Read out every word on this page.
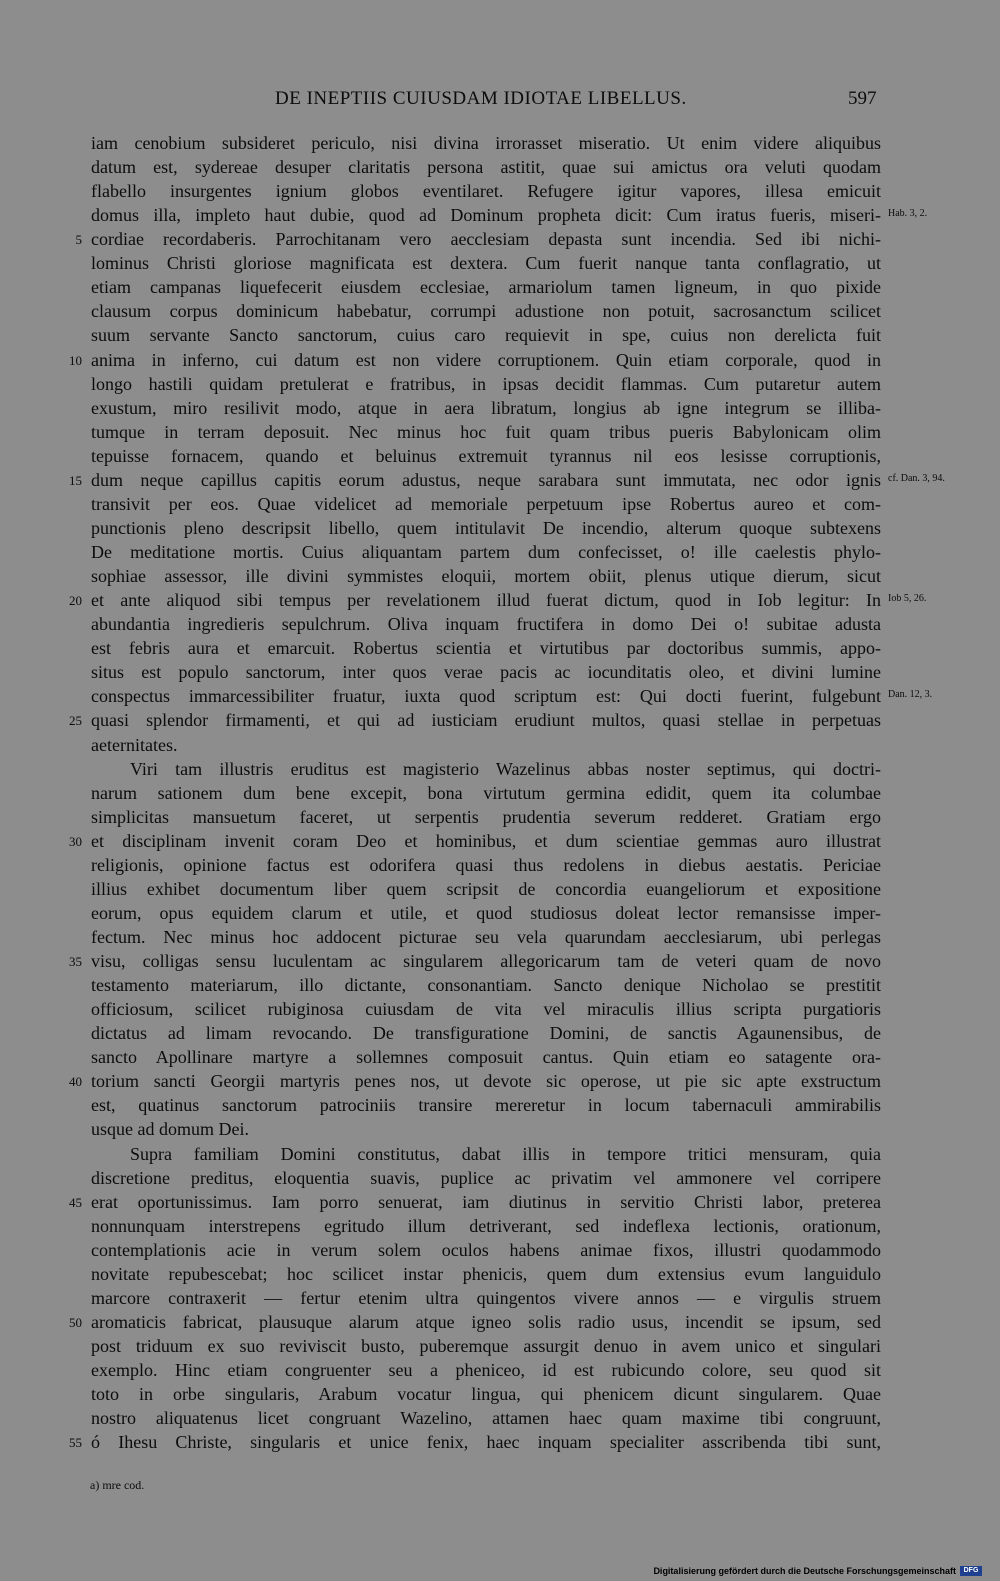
DE INEPTIIS CUIUSDAM IDIOTAE LIBELLUS.	597
iam cenobium subsideret periculo, nisi divina irrorasset miseratio. Ut enim videre aliquibus
datum est, sydereae desuper claritatis persona astitit, quae sui amictus ora veluti quodam
flabello insurgentes ignium globos eventilaret. Refugere igitur vapores, illesa emicuit
domus illa, impleto haut dubie, quod ad Dominum propheta dicit: Cum iratus fueris, miseri- Hab. 3, 2.
5 cordiae recordaberis. Parrochitanam vero aecclesiam depasta sunt incendia. Sed ibi nichi-
lominus Christi gloriose magnificata est dextera. Cum fuerit nanque tanta conflagratio, ut
etiam campanas liquefecerit eiusdem ecclesiae, armariolum tamen ligneum, in quo pixide
clausum corpus dominicum habebatur, corrumpi adustione non potuit, sacrosanctum scilicet
suum servante Sancto sanctorum, cuius caro requievit in spe, cuius non derelicta fuit
10 anima in inferno, cui datum est non videre corruptionem. Quin etiam corporale, quod in
longo hastili quidam pretulerat e fratribus, in ipsas decidit flammas. Cum putaretur autem
exustum, miro resilivit modo, atque in aera libratum, longius ab igne integrum se illiba-
tumque in terram deposuit. Nec minus hoc fuit quam tribus pueris Babylonicam olim
tepuisse fornacem, quando et beluinus extremuit tyrannus nil eos lesisse corruptionis,
15 dum neque capillus capitis eorum adustus, neque sarabara sunt immutata, nec odor ignis cf. Dan. 3, 94.
transivit per eos. Quae videlicet ad memoriale perpetuum ipse Robertus aureo et com-
punctionis pleno descripsit libello, quem intitulavit De incendio, alterum quoque subtexens
De meditatione mortis. Cuius aliquantam partem dum confecisset, o! ille caelestis phylo-
sophiae assessor, ille divini symmistes eloquii, mortem obiit, plenus utique dierum, sicut
20 et ante aliquod sibi tempus per revelationem illud fuerat dictum, quod in Iob legitur: In Iob 5, 26.
abundantia ingredieris sepulchrum. Oliva inquam fructifera in domo Dei o! subitae adusta
est febris aura et emarcuit. Robertus scientia et virtutibus par doctoribus summis, appo-
situs est populo sanctorum, inter quos verae pacis ac iocunditatis oleo, et divini lumine
conspectus immarcessibiliter fruatur, iuxta quod scriptum est: Qui docti fuerint, fulgebunt Dan. 12, 3.
25 quasi splendor firmamenti, et qui ad iusticiam erudiunt multos, quasi stellae in perpetuas
aeternitates.
Viri tam illustris eruditus est magisterio Wazelinus abbas noster septimus, qui doctri-
narum sationem dum bene excepit, bona virtutum germina edidit, quem ita columbae
simplicitas mansuetum faceret, ut serpentis prudentia severum redderet. Gratiam ergo
30 et disciplinam invenit coram Deo et hominibus, et dum scientiae gemmas auro illustrat
religionis, opinione factus est odorifera quasi thus redolens in diebus aestatis. Periciae
illius exhibet documentum liber quem scripsit de concordia euangeliorum et expositione
eorum, opus equidem clarum et utile, et quod studiosus doleat lector remansisse imper-
fectum. Nec minus hoc addocent picturae seu vela quarundam aecclesiarum, ubi perlegas
35 visu, colligas sensu luculentam ac singularem allegoricarum tam de veteri quam de novo
testamento materiarum, illo dictante, consonantiam. Sancto denique Nicholao se prestitit
officiosum, scilicet rubiginosa cuiusdam de vita vel miraculis illius scripta purgatioris
dictatus ad limam revocando. De transfiguratione Domini, de sanctis Agaunensibus, de
sancto Apollinare martyre a sollemnes composuit cantus. Quin etiam eo satagente ora-
40 torium sancti Georgii martyris penes nos, ut devote sic operose, ut pie sic apte exstructum
est, quatinus sanctorum patrociniis transire mereretur in locum tabernaculi ammirabilis
usque ad domum Dei.
Supra familiam Domini constitutus, dabat illis in tempore tritici mensuram, quia
discretione preditus, eloquentia suavis, puplice ac privatim vel ammonere vel corripere
45 erat oportunissimus. Iam porro senuerat, iam diutinus in servitio Christi labor, preterea
nonnunquam interstrepens egritudo illum detriverant, sed indeflexa lectionis, orationum,
contemplationis acie in verum solem oculos habens animae fixos, illustri quodammodo
novitate repubescebat; hoc scilicet instar phenicis, quem dum extensius evum languidulo
marcore contraxerit — fertur etenim ultra quingentos vivere annos — e virgulis struem
50 aromaticis fabricat, plausuque alarum atque igneo solis radio usus, incendit se ipsum, sed
post triduum ex suo reviviscit busto, puberemque assurgit denuo in avem unico et singulari
exemplo. Hinc etiam congruenter seu a pheniceo, id est rubicundo colore, seu quod sit
toto in orbe singularis, Arabum vocatur lingua, qui phenicem dicunt singularem. Quae
nostro aliquatenus licet congruant Wazelino, attamen haec quam maxime tibi congruunt,
55 ó Ihesu Christe, singularis et unice fenix, haec inquam specialiter asscribenda tibi sunt,
a) mre cod.
Digitalisierung gefördert durch die Deutsche Forschungsgemeinschaft	DFG
